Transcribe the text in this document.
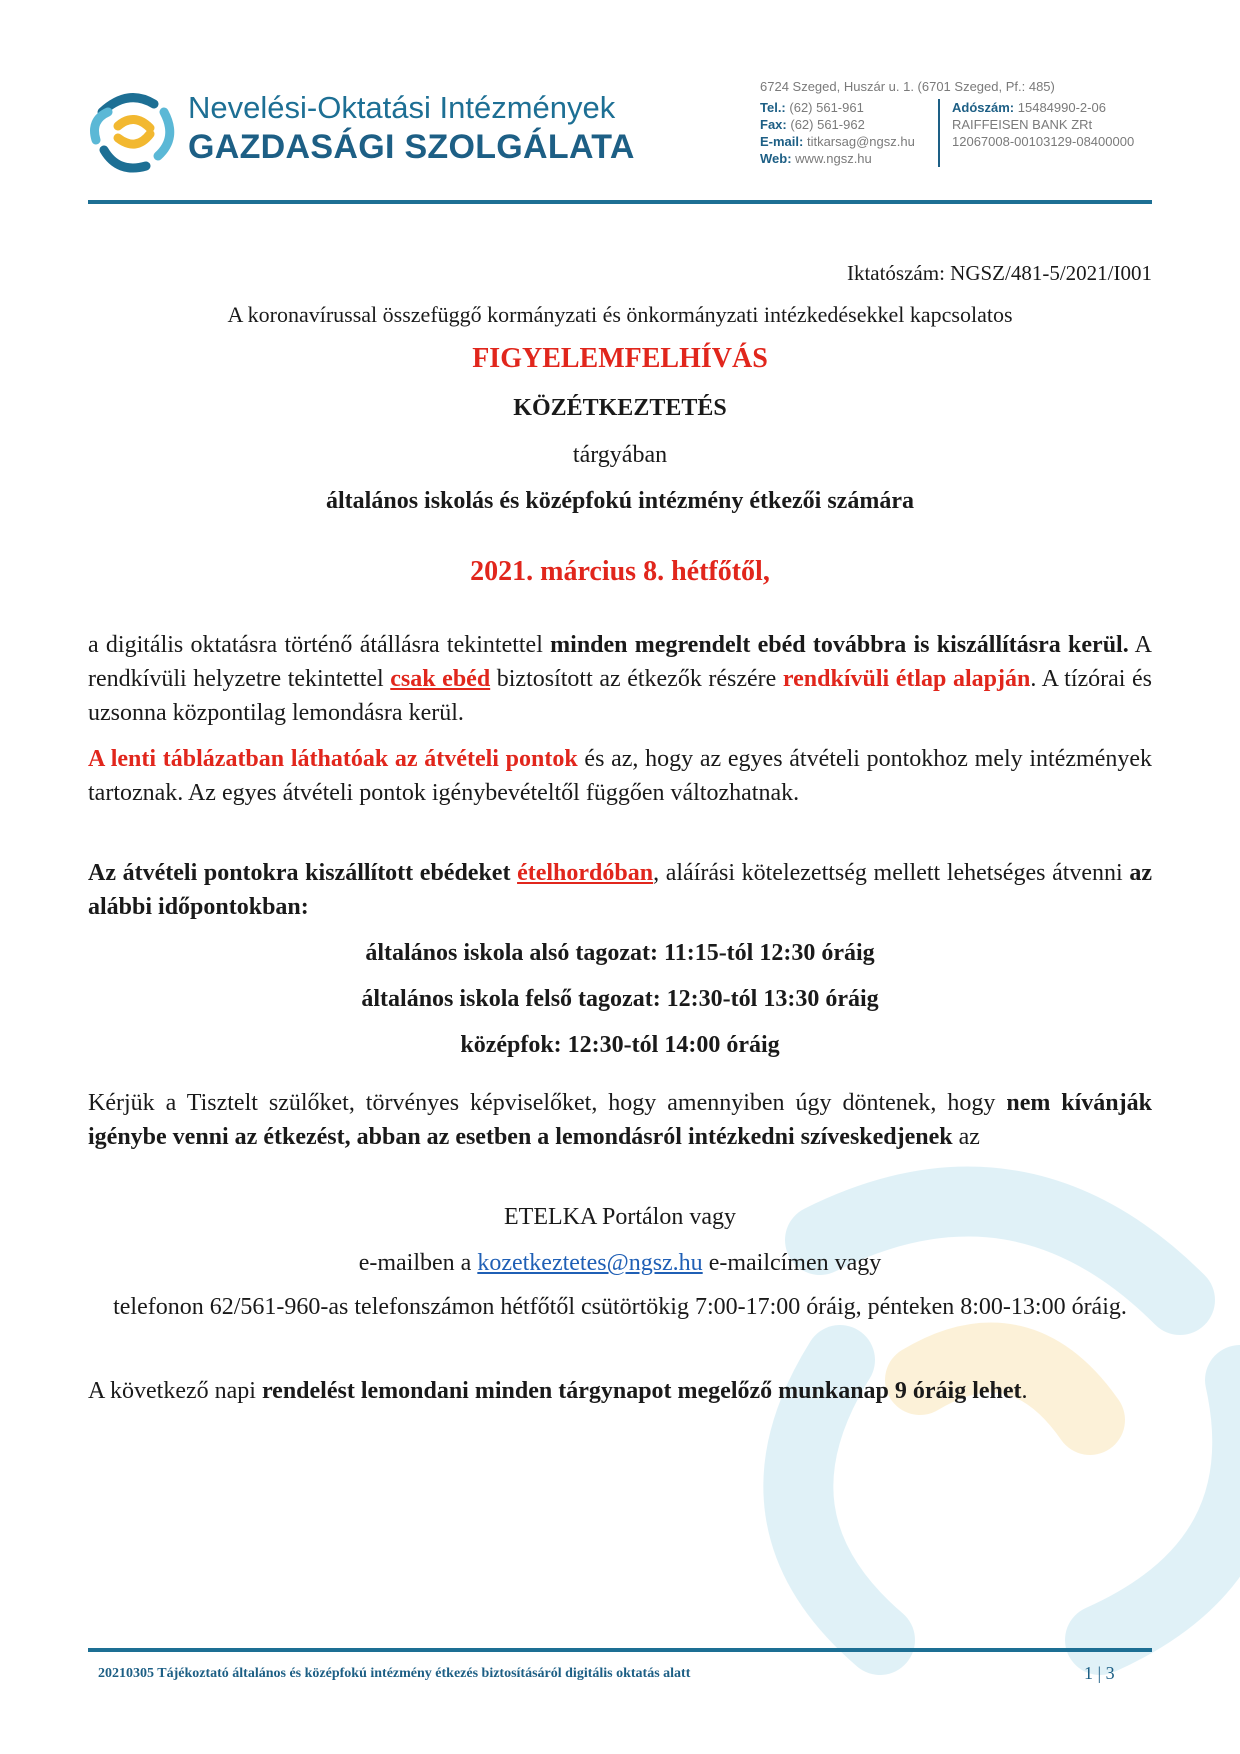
Nevelési-Oktatási Intézmények
GAZDASÁGI SZOLGÁLATA
6724 Szeged, Huszár u. 1. (6701 Szeged, Pf.: 485)
Tel.: (62) 561-961
Fax: (62) 561-962
E-mail: titkarsag@ngsz.hu
Web: www.ngsz.hu
Adószám: 15484990-2-06
RAIFFEISEN BANK ZRt
12067008-00103129-08400000
Iktatószám: NGSZ/481-5/2021/I001
A koronavírussal összefüggő kormányzati és önkormányzati intézkedésekkel kapcsolatos
FIGYELEMFELHÍVÁS
KÖZÉTKEZTETÉS
tárgyában
általános iskolás és középfokú intézmény étkezői számára
2021. március 8. hétfőtől,
a digitális oktatásra történő átállásra tekintettel minden megrendelt ebéd továbbra is kiszállításra kerül. A rendkívüli helyzetre tekintettel csak ebéd biztosított az étkezők részére rendkívüli étlap alapján. A tízórai és uzsonna központilag lemondásra kerül.
A lenti táblázatban láthatóak az átvételi pontok és az, hogy az egyes átvételi pontokhoz mely intézmények tartoznak. Az egyes átvételi pontok igénybevételtől függően változhatnak.
Az átvételi pontokra kiszállított ebédeket ételhordóban, aláírási kötelezettség mellett lehetséges átvenni az alábbi időpontokban:
általános iskola alsó tagozat: 11:15-tól 12:30 óráig
általános iskola felső tagozat: 12:30-tól 13:30 óráig
középfok: 12:30-tól 14:00 óráig
Kérjük a Tisztelt szülőket, törvényes képviselőket, hogy amennyiben úgy döntenek, hogy nem kívánják igénybe venni az étkezést, abban az esetben a lemondásról intézkedni szíveskedjenek az
ETELKA Portálon vagy
e-mailben a kozetkeztetes@ngsz.hu e-mailcímen vagy
telefonon 62/561-960-as telefonszámon hétfőtől csütörtökig 7:00-17:00 óráig, pénteken 8:00-13:00 óráig.
A következő napi rendelést lemondani minden tárgynapot megelőző munkanap 9 óráig lehet.
20210305 Tájékoztató általános és középfokú intézmény étkezés biztosításáról digitális oktatás alatt	1 | 3
